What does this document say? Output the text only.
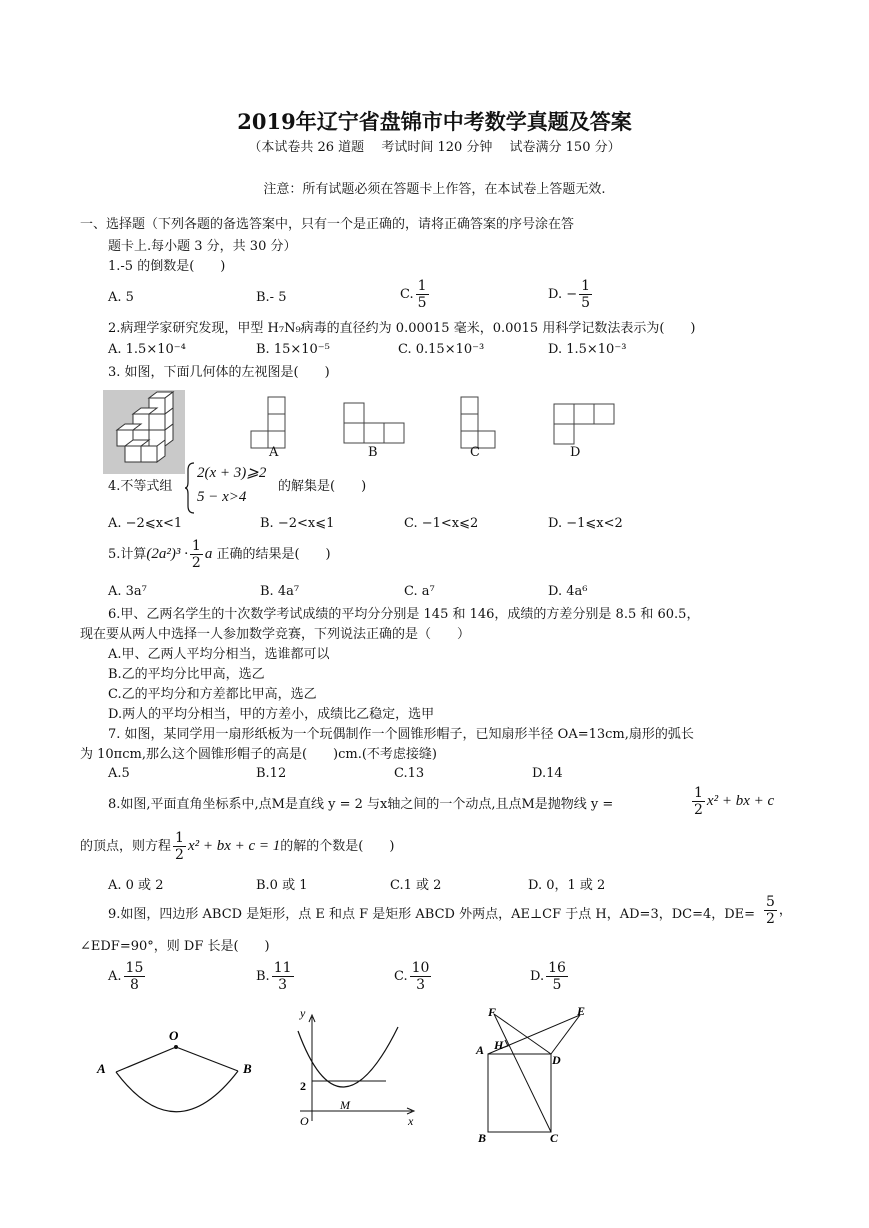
2019年辽宁省盘锦市中考数学真题及答案
（本试卷共 26 道题　 考试时间 120 分钟　 试卷满分 150 分）
注意：所有试题必须在答题卡上作答，在本试卷上答题无效.
一、选择题（下列各题的备选答案中，只有一个是正确的，请将正确答案的序号涂在答
题卡上.每小题 3 分，共 30 分）
1.-5 的倒数是(　　)
A. 5	B.- 5	C. $\frac{1}{5}$	D. − $\frac{1}{5}$
2.病理学家研究发现，甲型 H₇N₉病毒的直径约为 0.00015 毫米，0.0015 用科学记数法表示为(　　)
A. 1.5×10⁻⁴	B. 15×10⁻⁵	C. 0.15×10⁻³	D. 1.5×10⁻³
3. 如图，下面几何体的左视图是(　　)
A	B	C	D
4.不等式组
2(x + 3)⩾2
5 − x>4
的解集是(　　)
A. −2⩽x<1	B. −2<x⩽1	C. −1<x⩽2	D. −1⩽x<2
5.计算$(2a^2)^3 \cdot \frac{1}{2}$ a 正确的结果是(　　)
A. 3a⁷	B. 4a⁷	C. a⁷	D. 4a⁶
6.甲、乙两名学生的十次数学考试成绩的平均分分别是 145 和 146，成绩的方差分别是 8.5 和 60.5，
现在要从两人中选择一人参加数学竞赛，下列说法正确的是（　　）
A.甲、乙两人平均分相当，选谁都可以
B.乙的平均分比甲高，选乙
C.乙的平均分和方差都比甲高，选乙
D.两人的平均分相当，甲的方差小，成绩比乙稳定，选甲
7. 如图，某同学用一扇形纸板为一个玩偶制作一个圆锥形帽子，已知扇形半径 OA=13cm,扇形的弧长
为 10πcm,那么这个圆锥形帽子的高是(　　)cm.(不考虑接缝)
A.5	B.12	C.13	D.14
8.如图,平面直角坐标系中,点M是直线 y = 2 与x轴之间的一个动点,且点M是抛物线 y =	$\frac{1}{2} x^2$ + bx + c
的顶点，则方程 $\frac{1}{2} x^2$ + bx + c = 1的解的个数是(　　)
A. 0 或 2	B.0 或 1	C.1 或 2	D. 0，1 或 2
9.如图，四边形 ABCD 是矩形，点 E 和点 F 是矩形 ABCD 外两点，AE⊥CF 于点 H，AD=3，DC=4，$DE= \frac{5}{2}$ ，
∠EDF=90°，则 DF 长是(　　)
A. $\frac{15}{8}$	B. $\frac{11}{3}$	C. $\frac{10}{3}$	D. $\frac{16}{5}$
O
A	B
y
x
O
2
M
F	E
A H
D
B	C
